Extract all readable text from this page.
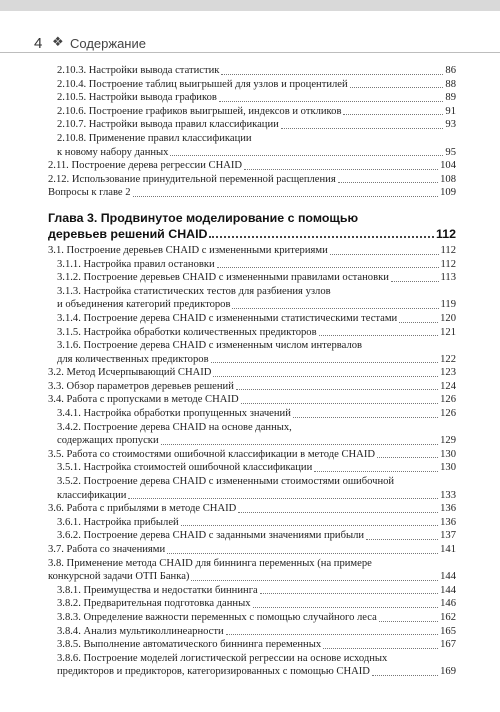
4 ❖ Содержание
2.10.3. Настройки вывода статистик	86
2.10.4. Построение таблиц выигрышей для узлов и процентилей	88
2.10.5. Настройки вывода графиков	89
2.10.6. Построение графиков выигрышей, индексов и откликов	91
2.10.7. Настройки вывода правил классификации	93
2.10.8. Применение правил классификации
к новому набору данных	95
2.11. Построение дерева регрессии CHAID	104
2.12. Использование принудительной переменной расщепления	108
Вопросы к главе 2	109
Глава 3. Продвинутое моделирование с помощью
деревьев решений CHAID	112
3.1. Построение деревьев CHAID с измененными критериями	112
3.1.1. Настройка правил остановки	112
3.1.2. Построение деревьев CHAID с измененными правилами остановки	113
3.1.3. Настройка статистических тестов для разбиения узлов
и объединения категорий предикторов	119
3.1.4. Построение дерева CHAID с измененными статистическими тестами	120
3.1.5. Настройка обработки количественных предикторов	121
3.1.6. Построение дерева CHAID с измененным числом интервалов
для количественных предикторов	122
3.2. Метод Исчерпывающий CHAID	123
3.3. Обзор параметров деревьев решений	124
3.4. Работа с пропусками в методе CHAID	126
3.4.1. Настройка обработки пропущенных значений	126
3.4.2. Построение дерева CHAID на основе данных,
содержащих пропуски	129
3.5. Работа со стоимостями ошибочной классификации в методе CHAID	130
3.5.1. Настройка стоимостей ошибочной классификации	130
3.5.2. Построение дерева CHAID с измененными стоимостями ошибочной
классификации	133
3.6. Работа с прибылями в методе CHAID	136
3.6.1. Настройка прибылей	136
3.6.2. Построение дерева CHAID с заданными значениями прибыли	137
3.7. Работа со значениями	141
3.8. Применение метода CHAID для биннинга переменных (на примере
конкурсной задачи ОТП Банка)	144
3.8.1. Преимущества и недостатки биннинга	144
3.8.2. Предварительная подготовка данных	146
3.8.3. Определение важности переменных с помощью случайного леса	162
3.8.4. Анализ мультиколлинеарности	165
3.8.5. Выполнение автоматического биннинга переменных	167
3.8.6. Построение моделей логистической регрессии на основе исходных
предикторов и предикторов, категоризированных с помощью CHAID	169
